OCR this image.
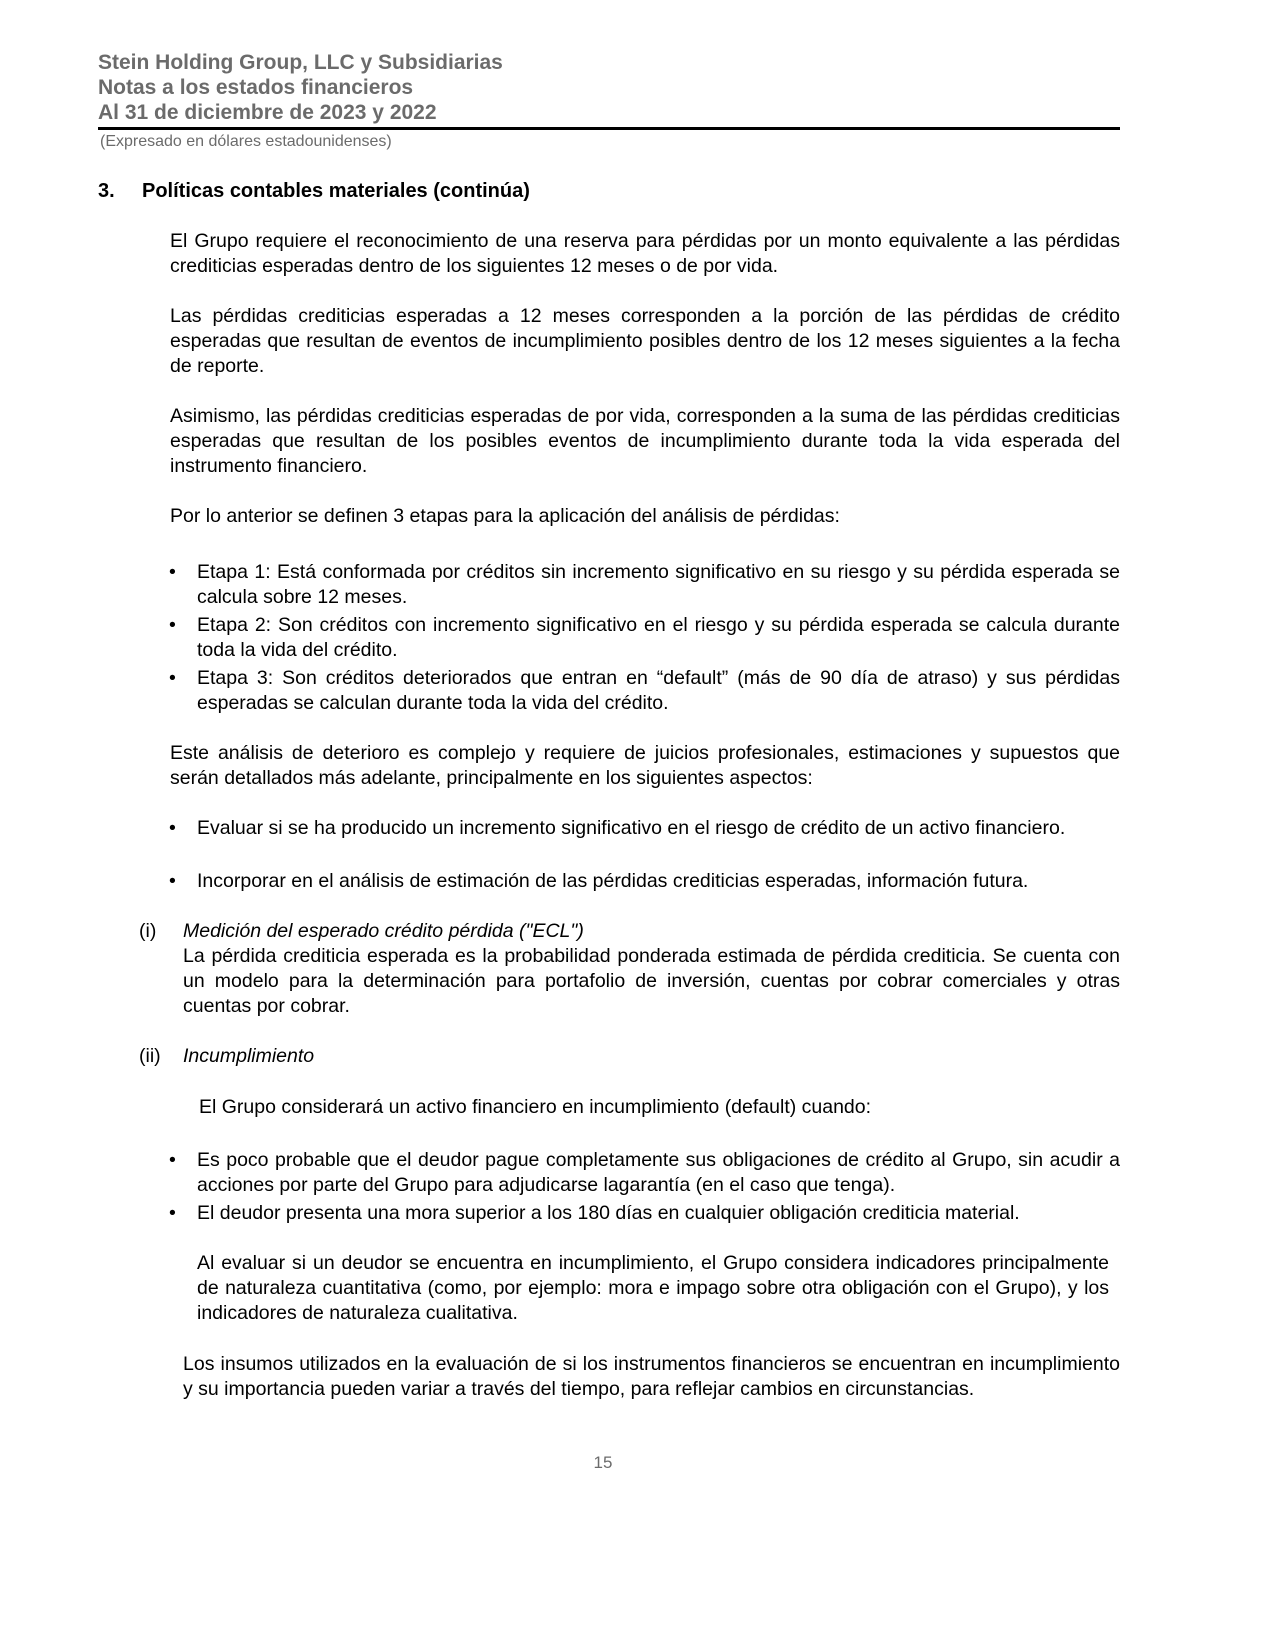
Stein Holding Group, LLC y Subsidiarias
Notas a los estados financieros
Al 31 de diciembre de 2023 y 2022
(Expresado en dólares estadounidenses)
3. Políticas contables materiales (continúa)
El Grupo requiere el reconocimiento de una reserva para pérdidas por un monto equivalente a las pérdidas crediticias esperadas dentro de los siguientes 12 meses o de por vida.
Las pérdidas crediticias esperadas a 12 meses corresponden a la porción de las pérdidas de crédito esperadas que resultan de eventos de incumplimiento posibles dentro de los 12 meses siguientes a la fecha de reporte.
Asimismo, las pérdidas crediticias esperadas de por vida, corresponden a la suma de las pérdidas crediticias esperadas que resultan de los posibles eventos de incumplimiento durante toda la vida esperada del instrumento financiero.
Por lo anterior se definen 3 etapas para la aplicación del análisis de pérdidas:
• Etapa 1: Está conformada por créditos sin incremento significativo en su riesgo y su pérdida esperada se calcula sobre 12 meses.
• Etapa 2: Son créditos con incremento significativo en el riesgo y su pérdida esperada se calcula durante toda la vida del crédito.
• Etapa 3: Son créditos deteriorados que entran en “default” (más de 90 día de atraso) y sus pérdidas esperadas se calculan durante toda la vida del crédito.
Este análisis de deterioro es complejo y requiere de juicios profesionales, estimaciones y supuestos que serán detallados más adelante, principalmente en los siguientes aspectos:
• Evaluar si se ha producido un incremento significativo en el riesgo de crédito de un activo financiero.
• Incorporar en el análisis de estimación de las pérdidas crediticias esperadas, información futura.
(i) Medición del esperado crédito pérdida ("ECL")
La pérdida crediticia esperada es la probabilidad ponderada estimada de pérdida crediticia. Se cuenta con un modelo para la determinación para portafolio de inversión, cuentas por cobrar comerciales y otras cuentas por cobrar.
(ii) Incumplimiento
El Grupo considerará un activo financiero en incumplimiento (default) cuando:
• Es poco probable que el deudor pague completamente sus obligaciones de crédito al Grupo, sin acudir a acciones por parte del Grupo para adjudicarse lagarantía (en el caso que tenga).
• El deudor presenta una mora superior a los 180 días en cualquier obligación crediticia material.
Al evaluar si un deudor se encuentra en incumplimiento, el Grupo considera indicadores principalmente de naturaleza cuantitativa (como, por ejemplo: mora e impago sobre otra obligación con el Grupo), y los indicadores de naturaleza cualitativa.
Los insumos utilizados en la evaluación de si los instrumentos financieros se encuentran en incumplimiento y su importancia pueden variar a través del tiempo, para reflejar cambios en circunstancias.
15
